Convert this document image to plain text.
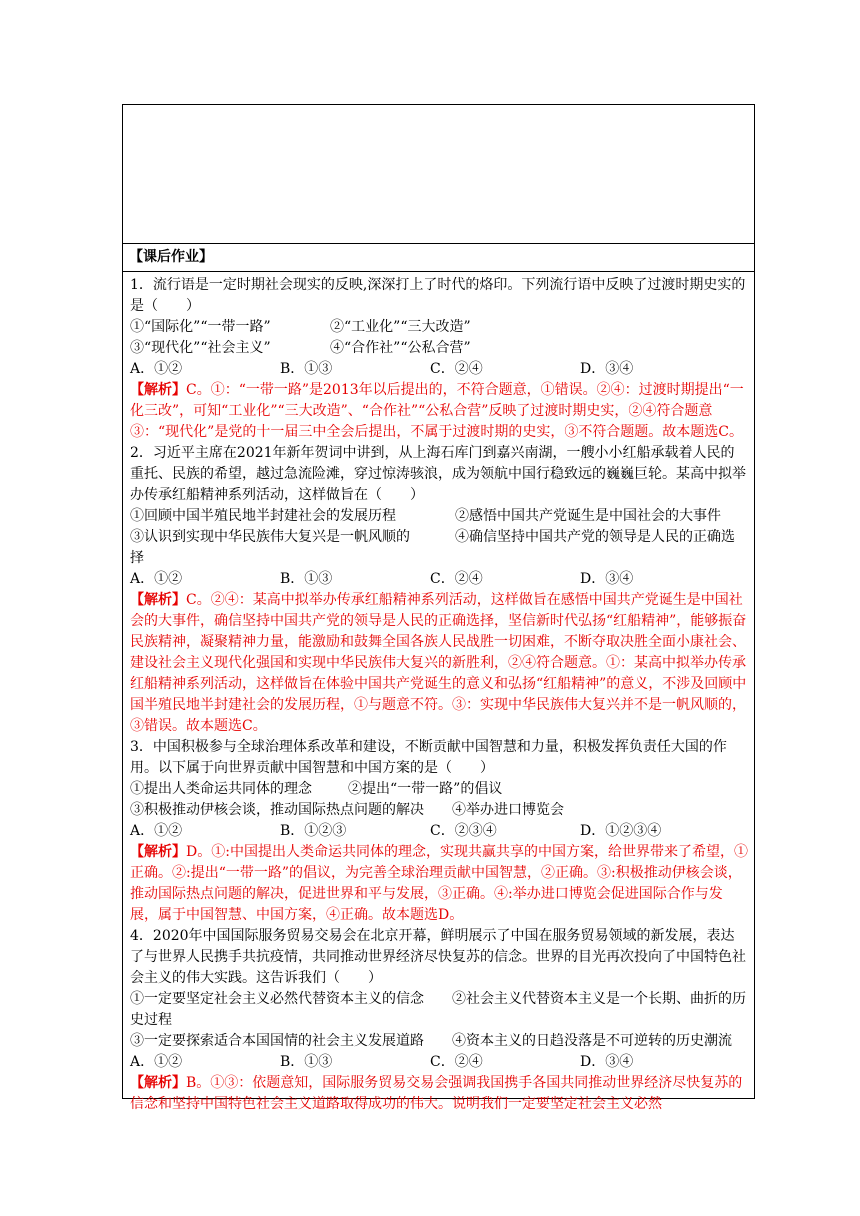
【课后作业】

1．流行语是一定时期社会现实的反映,深深打上了时代的烙印。下列流行语中反映了过渡时期史实的是（　　）

①“国际化”“一带一路”	②“工业化”“三大改造”

③“现代化”“社会主义”	④“合作社”“公私合营”

A．①②	B．①③	C．②④	D．③④

【解析】C。①：“一带一路”是2013年以后提出的，不符合题意，①错误。②④：过渡时期提出“一化三改”，可知“工业化”“三大改造”、“合作社”“公私合营”反映了过渡时期史实，②④符合题意③：“现代化”是党的十一届三中全会后提出，不属于过渡时期的史实，③不符合题题。故本题选C。

2．习近平主席在2021年新年贺词中讲到，从上海石库门到嘉兴南湖，一艘小小红船承载着人民的重托、民族的希望，越过急流险滩，穿过惊涛骇浪，成为领航中国行稳致远的巍巍巨轮。某高中拟举办传承红船精神系列活动，这样做旨在（　　）

①回顾中国半殖民地半封建社会的发展历程	②感悟中国共产党诞生是中国社会的大事件

③认识到实现中华民族伟大复兴是一帆风顺的	④确信坚持中国共产党的领导是人民的正确选择

A．①②	B．①③	C．②④	D．③④

【解析】C。②④：某高中拟举办传承红船精神系列活动，这样做旨在感悟中国共产党诞生是中国社会的大事件，确信坚持中国共产党的领导是人民的正确选择，坚信新时代弘扬“红船精神”，能够振奋民族精神，凝聚精神力量，能激励和鼓舞全国各族人民战胜一切困难，不断夺取决胜全面小康社会、建设社会主义现代化强国和实现中华民族伟大复兴的新胜利，②④符合题意。①：某高中拟举办传承红船精神系列活动，这样做旨在体验中国共产党诞生的意义和弘扬“红船精神”的意义，不涉及回顾中国半殖民地半封建社会的发展历程，①与题意不符。③：实现中华民族伟大复兴并不是一帆风顺的，③错误。故本题选C。

3．中国积极参与全球治理体系改革和建设，不断贡献中国智慧和力量，积极发挥负责任大国的作用。以下属于向世界贡献中国智慧和中国方案的是（　　）

①提出人类命运共同体的理念	②提出“一带一路”的倡议

③积极推动伊核会谈，推动国际热点问题的解决 ④举办进口博览会

A．①②	B．①②③	C．②③④	D．①②③④

【解析】D。①:中国提出人类命运共同体的理念，实现共赢共享的中国方案，给世界带来了希望，①正确。②:提出“一带一路”的倡议，为完善全球治理贡献中国智慧，②正确。③:积极推动伊核会谈，推动国际热点问题的解决，促进世界和平与发展，③正确。④:举办进口博览会促进国际合作与发展，属于中国智慧、中国方案，④正确。故本题选D。

4．2020年中国国际服务贸易交易会在北京开幕，鲜明展示了中国在服务贸易领域的新发展，表达了与世界人民携手共抗疫情，共同推动世界经济尽快复苏的信念。世界的目光再次投向了中国特色社会主义的伟大实践。这告诉我们（　　）

①一定要坚定社会主义必然代替资本主义的信念 ②社会主义代替资本主义是一个长期、曲折的历史过程

③一定要探索适合本国国情的社会主义发展道路 ④资本主义的日趋没落是不可逆转的历史潮流

A．①②	B．①③	C．②④	D．③④

【解析】B。①③：依题意知，国际服务贸易交易会强调我国携手各国共同推动世界经济尽快复苏的信念和坚持中国特色社会主义道路取得成功的伟大。说明我们一定要坚定社会主义必然
